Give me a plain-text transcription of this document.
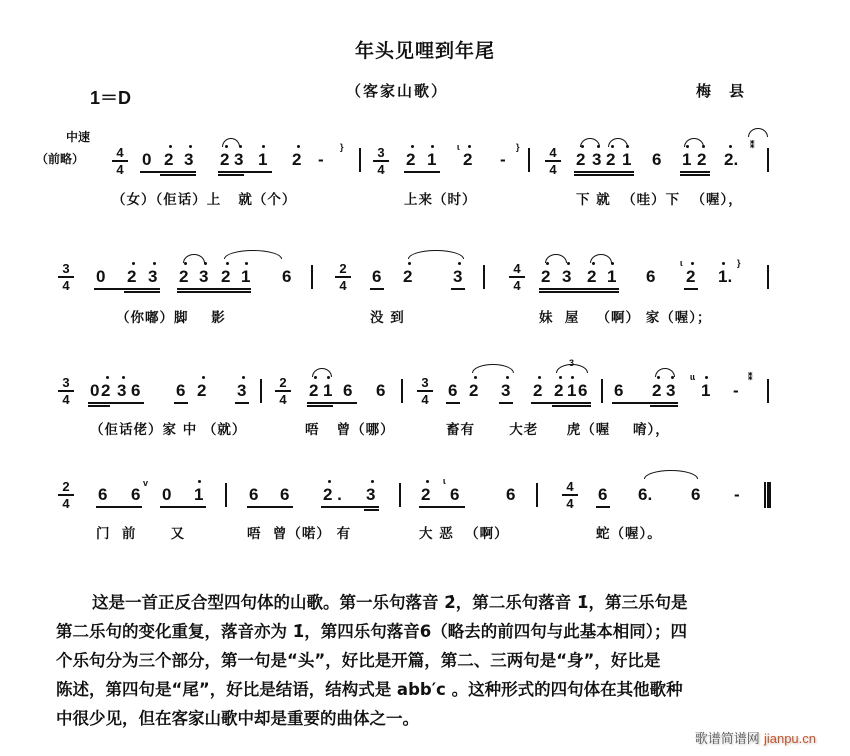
年头见哩到年尾
1＝D	（客家山歌）	梅县
中速
（前略）	4
4 0 2 3 2 3 1 2 -
}	3
4 2 1
ɩ
2 -
}	4
4 2 3 2 1 6 1 2 2.
⁑
（女）（佢话）上   就（个）	上来（时）	下 就  （哇）下  （喔），
3
4 0 2 3 2 3 2 1 6	2
4 6 2 3	4
4 2 3 2 1 6
ɩ
2 1.
}
（你嘟）脚    影	没 到	妹  屋   （啊） 家（喔）；
3
4 0 2 3 6 6 2 3	2
4 2 1 6 6	3
4 6 2 3 2
3
2 1 6 6 2 3
ɩɩ
1 -
⁑
（佢话佬）家 中 （就）	唔   曾（哪）	畜有      大老     虎（喔    唷），
2
4 6 6
v
0 1	6 6 2 . 3	2
ɩ
6	6	4
4 6 6. 6 -
门  前      又	唔  曾（喏） 有	大 恶  （啊）	蛇（喔）。

这是一首正反合型四句体的山歌。第一乐句落音 2̇，第二乐句落音 1̇，第三乐句是

第二乐句的变化重复，落音亦为 1̇，第四乐句落音6（略去的前四句与此基本相同）；四

个乐句分为三个部分，第一句是“头”，好比是开篇，第二、三两句是“身”，好比是

陈述，第四句是“尾”，好比是结语，结构式是 abb′c 。这种形式的四句体在其他歌种

中很少见，但在客家山歌中却是重要的曲体之一。

歌谱简谱网 jianpu.cn
